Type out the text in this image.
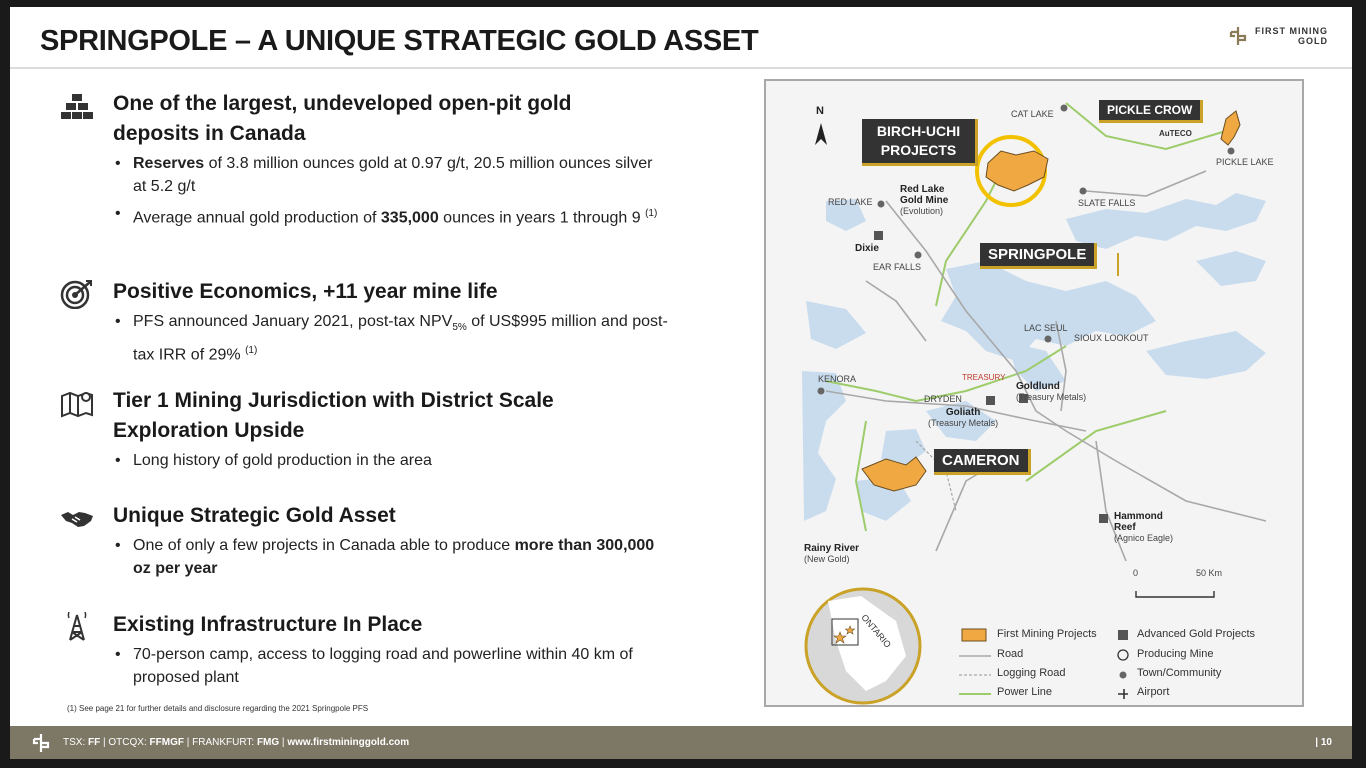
SPRINGPOLE – A UNIQUE STRATEGIC GOLD ASSET	FIRST MINING
GOLD
One of the largest, undeveloped open-pit gold
deposits in Canada
• Reserves of 3.8 million ounces gold at 0.97 g/t, 20.5 million ounces silver at 5.2 g/t
• Average annual gold production of 335,000 ounces in years 1 through 9 $^{(1)}$
Positive Economics, +11 year mine life
• PFS announced January 2021, post-tax $NPV_{5\%}$ of US$995 million and post-tax IRR of 29% $^{(1)}$
Tier 1 Mining Jurisdiction with District Scale
Exploration Upside
• Long history of gold production in the area
Unique Strategic Gold Asset
• One of only a few projects in Canada able to produce more than 300,000 oz per year
Existing Infrastructure In Place
• 70-person camp, access to logging road and powerline within 40 km of proposed plant
(1) See page 21 for further details and disclosure regarding the 2021 Springpole PFS
N
BIRCH-UCHI
PROJECTS
PICKLE CROW
SPRINGPOLE
CAMERON
CAT LAKE
PICKLE LAKE
RED LAKE	SLATE FALLS
EAR FALLS
LAC SEUL
SIOUX LOOKOUT
KENORA
DRYDEN
Red Lake
Gold Mine
(Evolution)
Dixie
Goldlund
(Treasury Metals)
Goliath
(Treasury Metals)
Hammond
Reef
(Agnico Eagle)
Rainy River
(New Gold)
AuTECO
TREASURY
0	50 Km
ONTARIO	First Mining Projects
Road
Logging Road
Power Line
Advanced Gold Projects
Producing Mine
Town/Community
Airport
TSX: FF | OTCQX: FFMGF | FRANKFURT: FMG | www.firstmininggold.com	| 10
